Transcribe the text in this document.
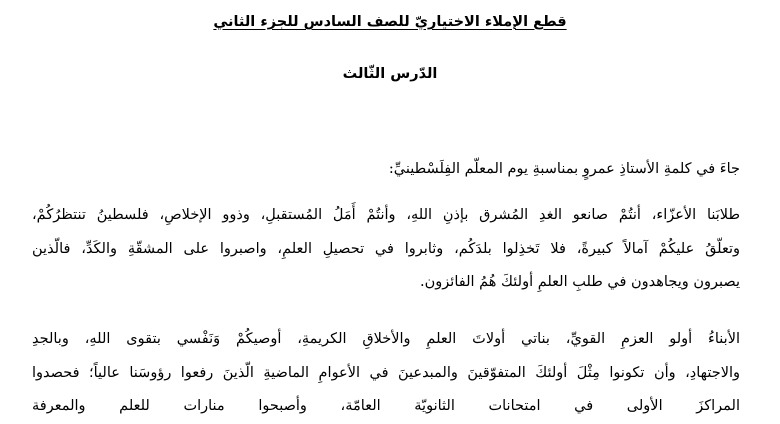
قطع الإملاء الاختياريّ للصف السادس للجزء الثاني
الدّرس الثّالث
جاءَ في كلمةِ الأستاذِ عمروٍ بمناسبةِ يوم المعلّم الفِلَسْطينيِّ:
طلابَنا الأعزّاء، أنتُمْ صانعو الغدِ المُشرق بإذنِ اللهِ، وأنتُمْ أَمَلُ المُستقبلِ، وذوو الإخلاصِ، فلسطينُ تنتظرُكُمْ،
وتعلّقُ عليكُمْ آمالاً كبيرةً، فلا تَخذِلوا بلدَكُم، وثابروا في تحصيلِ العلمِ، واصبروا على المشقّةِ والكَدِّ، فالّذين
يصبرون ويجاهدون في طلبِ العلمِ أولئكَ هُمُ الفائزون.
الأبناءُ أولو العزمِ القويِّ، بناتي أولاتَ العلمِ والأخلاقِ الكريمةِ، أوصيكُمْ وَنَفْسي بتقوى اللهِ، وبالجدِ
والاجتهادِ، وأن تكونوا مِثْلَ أولئكَ المتفوّقينَ والمبدعينَ في الأعوامِ الماضيةِ الّذينَ رفعوا رؤوسَنا عالياً؛ فحصدوا
المراكزَ الأولى في امتحانات الثانويّة العامّة، وأصبحوا منارات للعلم والمعرفة
